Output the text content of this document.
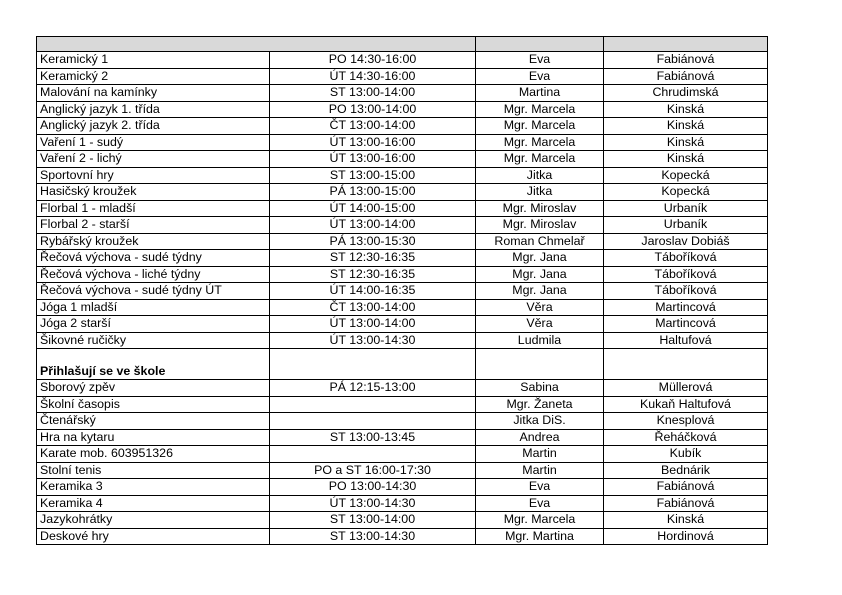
Keramický 1	PO 14:30-16:00	Eva	Fabiánová
Keramický 2	ÚT 14:30-16:00	Eva	Fabiánová
Malování na kamínky	ST 13:00-14:00	Martina	Chrudimská
Anglický jazyk 1. třída	PO 13:00-14:00	Mgr. Marcela	Kinská
Anglický jazyk 2. třída	ČT 13:00-14:00	Mgr. Marcela	Kinská
Vaření 1 - sudý	ÚT 13:00-16:00	Mgr. Marcela	Kinská
Vaření 2 - lichý	ÚT 13:00-16:00	Mgr. Marcela	Kinská
Sportovní hry	ST 13:00-15:00	Jitka	Kopecká
Hasičský kroužek	PÁ 13:00-15:00	Jitka	Kopecká
Florbal 1 - mladší	ÚT 14:00-15:00	Mgr. Miroslav	Urbaník
Florbal 2 - starší	ÚT 13:00-14:00	Mgr. Miroslav	Urbaník
Rybářský kroužek	PÁ 13:00-15:30	Roman Chmelař	Jaroslav Dobiáš
Řečová výchova - sudé týdny	ST 12:30-16:35	Mgr. Jana	Táboříková
Řečová výchova - liché týdny	ST 12:30-16:35	Mgr. Jana	Táboříková
Řečová výchova - sudé týdny ÚT	ÚT 14:00-16:35	Mgr. Jana	Táboříková
Jóga 1 mladší	ČT 13:00-14:00	Věra	Martincová
Jóga 2 starší	ÚT 13:00-14:00	Věra	Martincová
Šikovné ručičky	ÚT 13:00-14:30	Ludmila	Haltufová
Přihlašují se ve škole			
Sborový zpěv	PÁ 12:15-13:00	Sabina	Müllerová
Školní časopis		Mgr. Žaneta	Kukaň Haltufová
Čtenářský		Jitka DiS.	Knesplová
Hra na kytaru	ST 13:00-13:45	Andrea	Řeháčková
Karate mob. 603951326		Martin	Kubík
Stolní tenis	PO a ST 16:00-17:30	Martin	Bednárik
Keramika 3	PO 13:00-14:30	Eva	Fabiánová
Keramika 4	ÚT 13:00-14:30	Eva	Fabiánová
Jazykohrátky	ST 13:00-14:00	Mgr. Marcela	Kinská
Deskové hry	ST 13:00-14:30	Mgr. Martina	Hordinová
